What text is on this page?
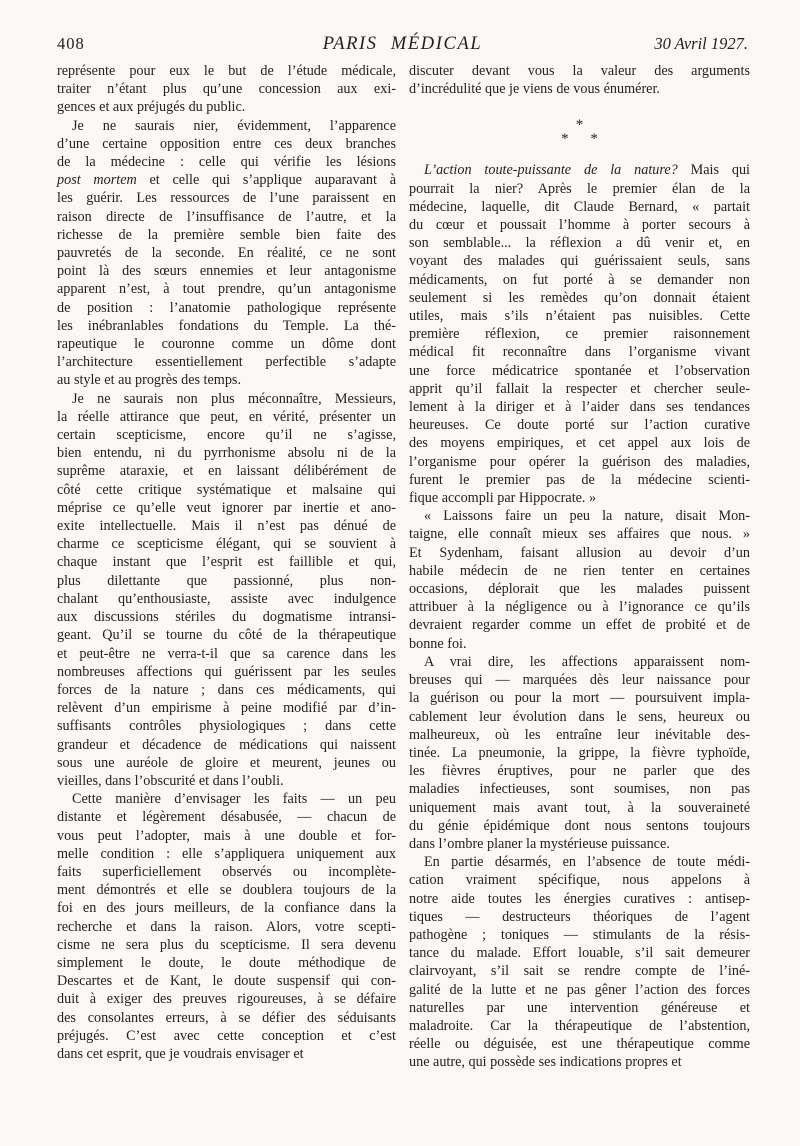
408	PARIS MÉDICAL	30 Avril 1927.
représente pour eux le but de l’étude médicale,
traiter n’étant plus qu’une concession aux exi-
gences et aux préjugés du public.
Je ne saurais nier, évidemment, l’apparence
d’une certaine opposition entre ces deux branches
de la médecine : celle qui vérifie les lésions
post mortem et celle qui s’applique auparavant à
les guérir. Les ressources de l’une paraissent en
raison directe de l’insuffisance de l’autre, et la
richesse de la première semble bien faite des
pauvretés de la seconde. En réalité, ce ne sont
point là des sœurs ennemies et leur antagonisme
apparent n’est, à tout prendre, qu’un antagonisme
de position : l’anatomie pathologique représente
les inébranlables fondations du Temple. La thé-
rapeutique le couronne comme un dôme dont
l’architecture essentiellement perfectible s’adapte
au style et au progrès des temps.
Je ne saurais non plus méconnaître, Messieurs,
la réelle attirance que peut, en vérité, présenter un
certain scepticisme, encore qu’il ne s’agisse,
bien entendu, ni du pyrrhonisme absolu ni de la
suprême ataraxie, et en laissant délibérément de
côté cette critique systématique et malsaine qui
méprise ce qu’elle veut ignorer par inertie et ano-
exite intellectuelle. Mais il n’est pas dénué de
charme ce scepticisme élégant, qui se souvient à
chaque instant que l’esprit est faillible et qui,
plus dilettante que passionné, plus non-
chalant qu’enthousiaste, assiste avec indulgence
aux discussions stériles du dogmatisme intransi-
geant. Qu’il se tourne du côté de la thérapeutique
et peut-être ne verra-t-il que sa carence dans les
nombreuses affections qui guérissent par les seules
forces de la nature ; dans ces médicaments, qui
relèvent d’un empirisme à peine modifié par d’in-
suffisants contrôles physiologiques ; dans cette
grandeur et décadence de médications qui naissent
sous une auréole de gloire et meurent, jeunes ou
vieilles, dans l’obscurité et dans l’oubli.
Cette manière d’envisager les faits — un peu
distante et légèrement désabusée, — chacun de
vous peut l’adopter, mais à une double et for-
melle condition : elle s’appliquera uniquement aux
faits superficiellement observés ou incomplète-
ment démontrés et elle se doublera toujours de la
foi en des jours meilleurs, de la confiance dans la
recherche et dans la raison. Alors, votre scepti-
cisme ne sera plus du scepticisme. Il sera devenu
simplement le doute, le doute méthodique de
Descartes et de Kant, le doute suspensif qui con-
duit à exiger des preuves rigoureuses, à se défaire
des consolantes erreurs, à se défier des séduisants
préjugés. C’est avec cette conception et c’est
dans cet esprit, que je voudrais envisager et
discuter devant vous la valeur des arguments
d’incrédulité que je viens de vous énumérer.
*
* *
L’action toute-puissante de la nature? Mais qui
pourrait la nier? Après le premier élan de la
médecine, laquelle, dit Claude Bernard, « partait
du cœur et poussait l’homme à porter secours à
son semblable... la réflexion a dû venir et, en
voyant des malades qui guérissaient seuls, sans
médicaments, on fut porté à se demander non
seulement si les remèdes qu’on donnait étaient
utiles, mais s’ils n’étaient pas nuisibles. Cette
première réflexion, ce premier raisonnement
médical fit reconnaître dans l’organisme vivant
une force médicatrice spontanée et l’observation
apprit qu’il fallait la respecter et chercher seule-
lement à la diriger et à l’aider dans ses tendances
heureuses. Ce doute porté sur l’action curative
des moyens empiriques, et cet appel aux lois de
l’organisme pour opérer la guérison des maladies,
furent le premier pas de la médecine scienti-
fique accompli par Hippocrate. »
« Laissons faire un peu la nature, disait Mon-
taigne, elle connaît mieux ses affaires que nous. »
Et Sydenham, faisant allusion au devoir d’un
habile médecin de ne rien tenter en certaines
occasions, déplorait que les malades puissent
attribuer à la négligence ou à l’ignorance ce qu’ils
devraient regarder comme un effet de probité et de
bonne foi.
A vrai dire, les affections apparaissent nom-
breuses qui — marquées dès leur naissance pour
la guérison ou pour la mort — poursuivent impla-
cablement leur évolution dans le sens, heureux ou
malheureux, où les entraîne leur inévitable des-
tinée. La pneumonie, la grippe, la fièvre typhoïde,
les fièvres éruptives, pour ne parler que des
maladies infectieuses, sont soumises, non pas
uniquement mais avant tout, à la souveraineté
du génie épidémique dont nous sentons toujours
dans l’ombre planer la mystérieuse puissance.
En partie désarmés, en l’absence de toute médi-
cation vraiment spécifique, nous appelons à
notre aide toutes les énergies curatives : antisep-
tiques — destructeurs théoriques de l’agent
pathogène ; toniques — stimulants de la résis-
tance du malade. Effort louable, s’il sait demeurer
clairvoyant, s’il sait se rendre compte de l’iné-
galité de la lutte et ne pas gêner l’action des forces
naturelles par une intervention généreuse et
maladroite. Car la thérapeutique de l’abstention,
réelle ou déguisée, est une thérapeutique comme
une autre, qui possède ses indications propres et
